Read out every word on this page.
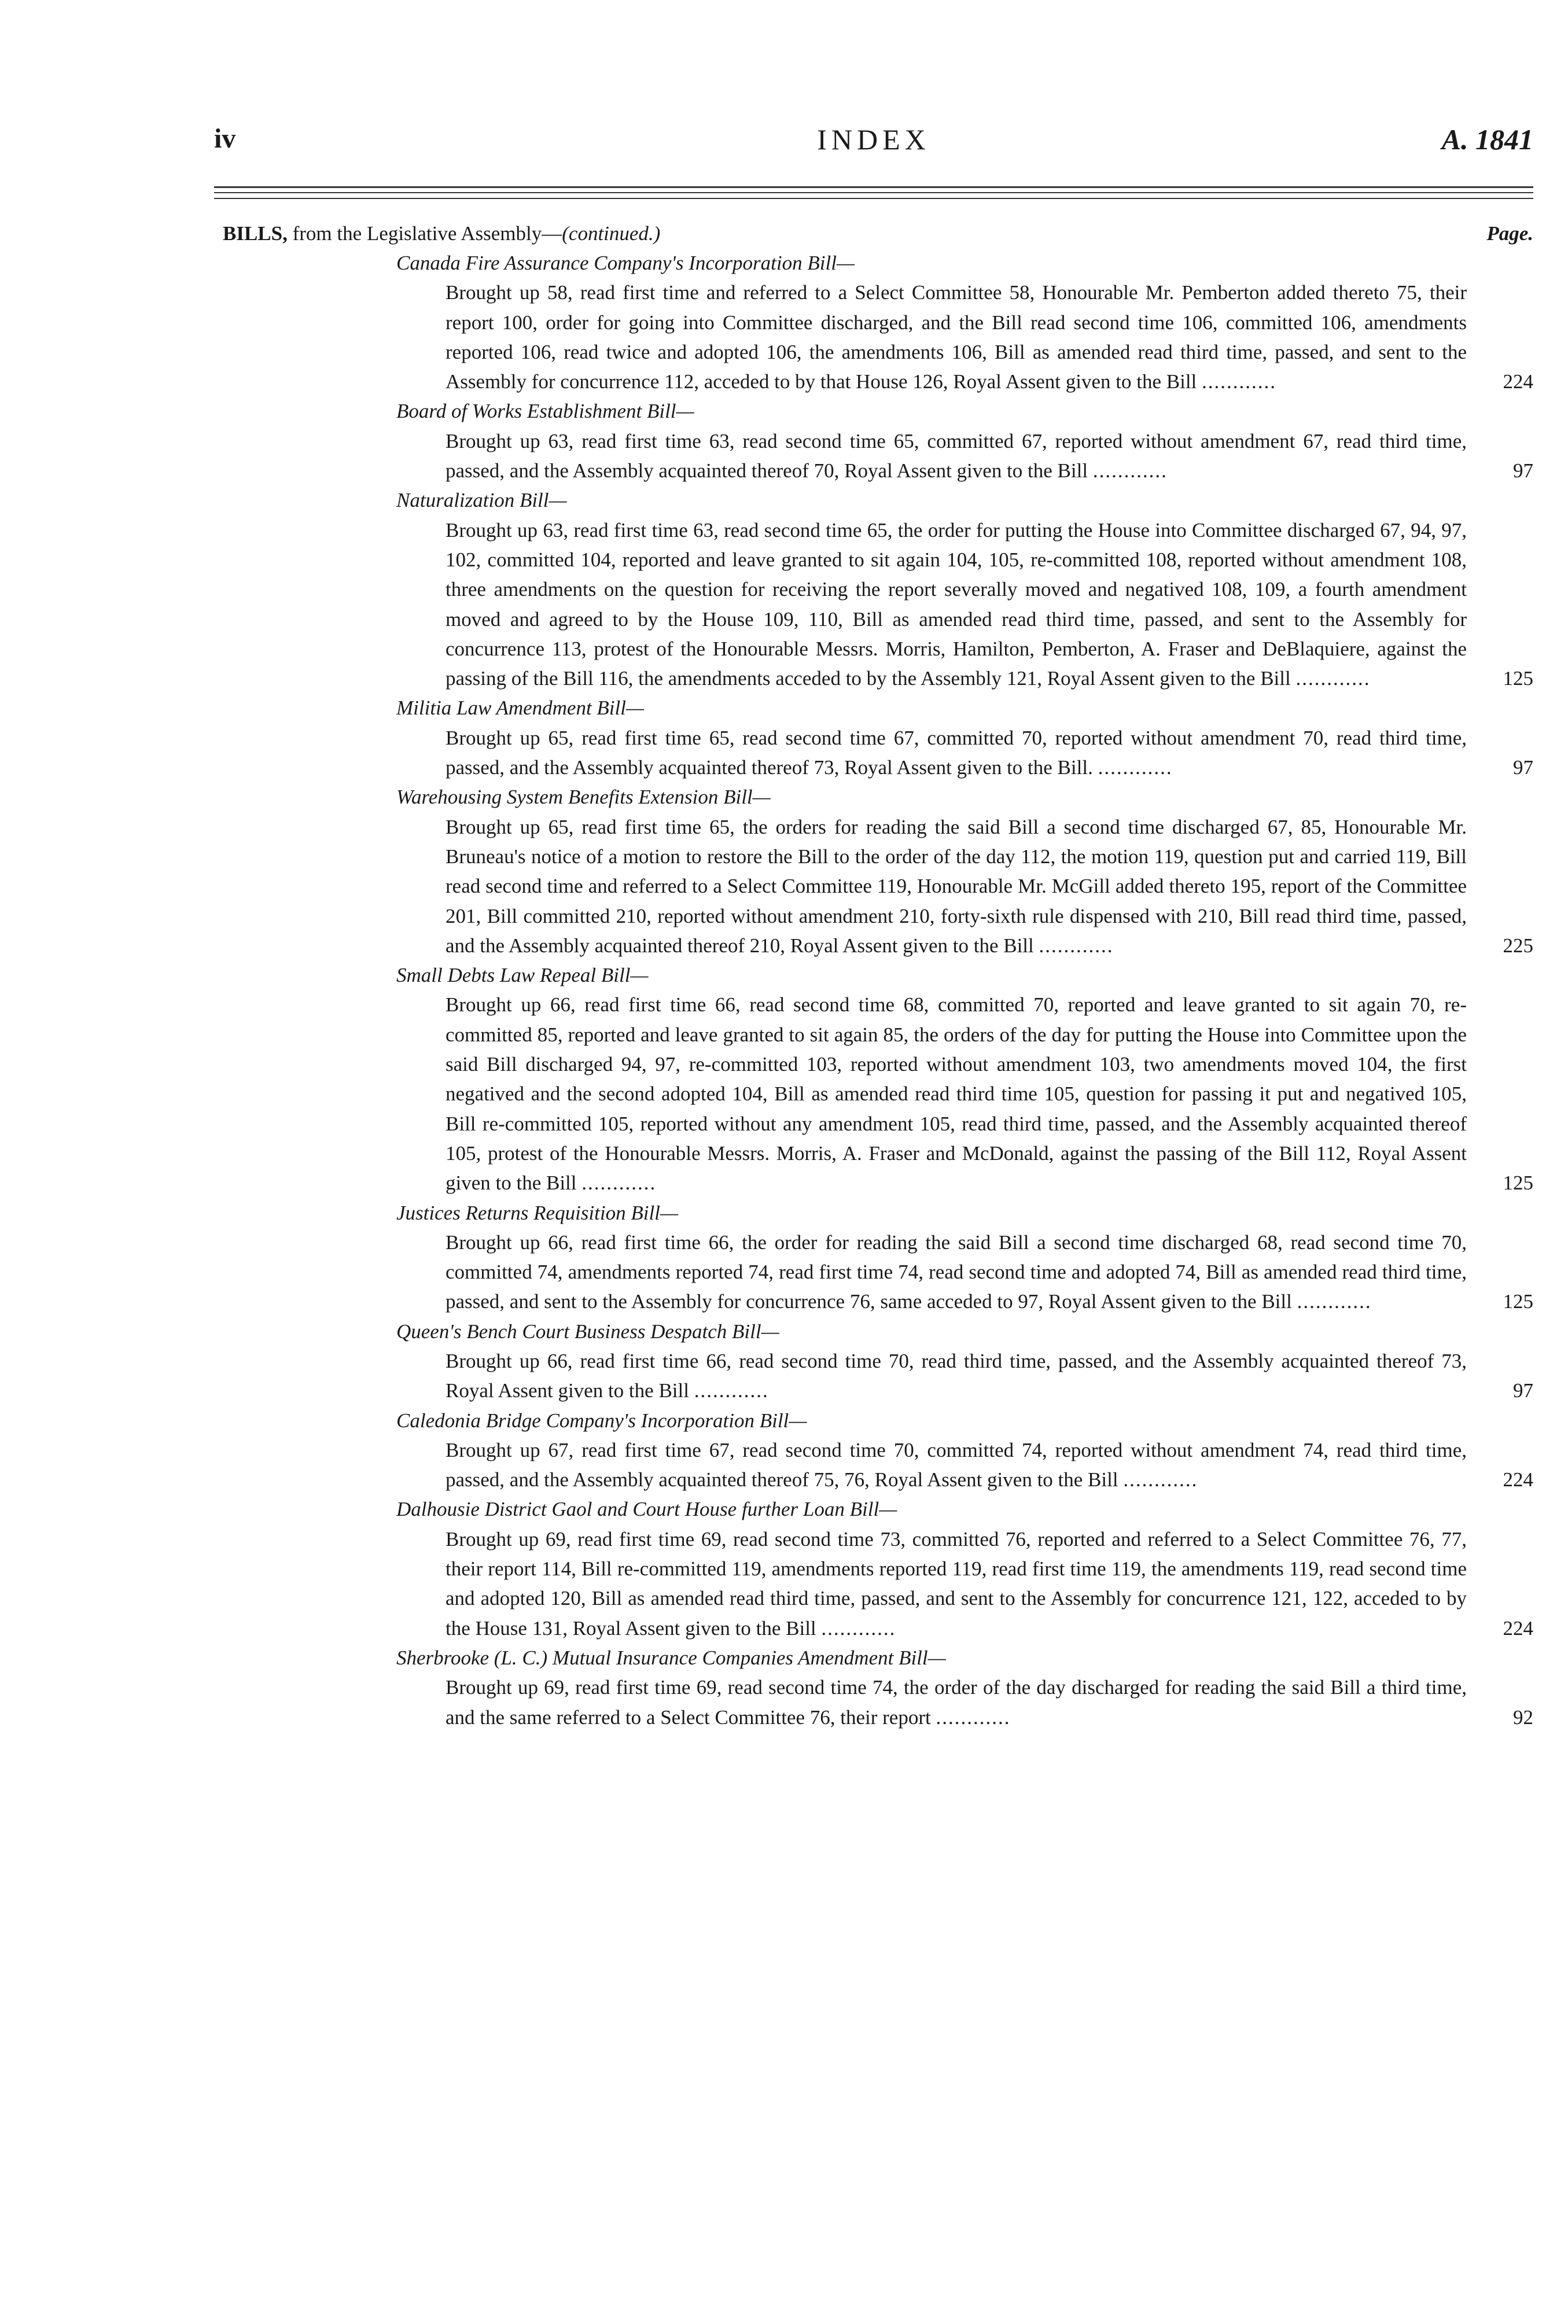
iv	INDEX	A. 1841
BILLS, from the Legislative Assembly—(continued.)	Page.
Canada Fire Assurance Company's Incorporation Bill—
Brought up 58, read first time and referred to a Select Committee 58, Honourable Mr. Pemberton added thereto 75, their report 100, order for going into Committee discharged, and the Bill read second time 106, committed 106, amendments reported 106, read twice and adopted 106, the amendments 106, Bill as amended read third time, passed, and sent to the Assembly for concurrence 112, acceded to by that House 126, Royal Assent given to the Bill ............	224
Board of Works Establishment Bill—
Brought up 63, read first time 63, read second time 65, committed 67, reported without amendment 67, read third time, passed, and the Assembly acquainted thereof 70, Royal Assent given to the Bill ............	97
Naturalization Bill—
Brought up 63, read first time 63, read second time 65, the order for putting the House into Committee discharged 67, 94, 97, 102, committed 104, reported and leave granted to sit again 104, 105, re-committed 108, reported without amendment 108, three amendments on the question for receiving the report severally moved and negatived 108, 109, a fourth amendment moved and agreed to by the House 109, 110, Bill as amended read third time, passed, and sent to the Assembly for concurrence 113, protest of the Honourable Messrs. Morris, Hamilton, Pemberton, A. Fraser and DeBlaquiere, against the passing of the Bill 116, the amendments acceded to by the Assembly 121, Royal Assent given to the Bill ............	125
Militia Law Amendment Bill—
Brought up 65, read first time 65, read second time 67, committed 70, reported without amendment 70, read third time, passed, and the Assembly acquainted thereof 73, Royal Assent given to the Bill. ............	97
Warehousing System Benefits Extension Bill—
Brought up 65, read first time 65, the orders for reading the said Bill a second time discharged 67, 85, Honourable Mr. Bruneau's notice of a motion to restore the Bill to the order of the day 112, the motion 119, question put and carried 119, Bill read second time and referred to a Select Committee 119, Honourable Mr. McGill added thereto 195, report of the Committee 201, Bill committed 210, reported without amendment 210, forty-sixth rule dispensed with 210, Bill read third time, passed, and the Assembly acquainted thereof 210, Royal Assent given to the Bill ............	225
Small Debts Law Repeal Bill—
Brought up 66, read first time 66, read second time 68, committed 70, reported and leave granted to sit again 70, re-committed 85, reported and leave granted to sit again 85, the orders of the day for putting the House into Committee upon the said Bill discharged 94, 97, re-committed 103, reported without amendment 103, two amendments moved 104, the first negatived and the second adopted 104, Bill as amended read third time 105, question for passing it put and negatived 105, Bill re-committed 105, reported without any amendment 105, read third time, passed, and the Assembly acquainted thereof 105, protest of the Honourable Messrs. Morris, A. Fraser and McDonald, against the passing of the Bill 112, Royal Assent given to the Bill ............	125
Justices Returns Requisition Bill—
Brought up 66, read first time 66, the order for reading the said Bill a second time discharged 68, read second time 70, committed 74, amendments reported 74, read first time 74, read second time and adopted 74, Bill as amended read third time, passed, and sent to the Assembly for concurrence 76, same acceded to 97, Royal Assent given to the Bill ............	125
Queen's Bench Court Business Despatch Bill—
Brought up 66, read first time 66, read second time 70, read third time, passed, and the Assembly acquainted thereof 73, Royal Assent given to the Bill ............	97
Caledonia Bridge Company's Incorporation Bill—
Brought up 67, read first time 67, read second time 70, committed 74, reported without amendment 74, read third time, passed, and the Assembly acquainted thereof 75, 76, Royal Assent given to the Bill ............	224
Dalhousie District Gaol and Court House further Loan Bill—
Brought up 69, read first time 69, read second time 73, committed 76, reported and referred to a Select Committee 76, 77, their report 114, Bill re-committed 119, amendments reported 119, read first time 119, the amendments 119, read second time and adopted 120, Bill as amended read third time, passed, and sent to the Assembly for concurrence 121, 122, acceded to by the House 131, Royal Assent given to the Bill ............	224
Sherbrooke (L. C.) Mutual Insurance Companies Amendment Bill—
Brought up 69, read first time 69, read second time 74, the order of the day discharged for reading the said Bill a third time, and the same referred to a Select Committee 76, their report ............	92
